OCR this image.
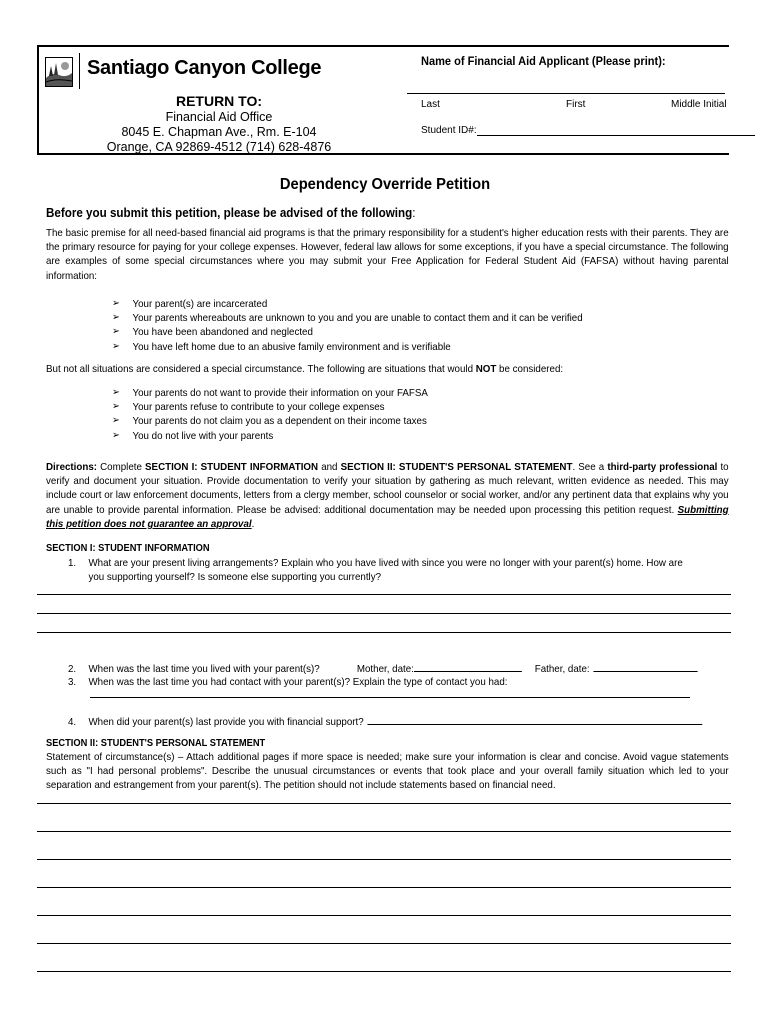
Santiago Canyon College
RETURN TO:
Financial Aid Office
8045 E. Chapman Ave., Rm. E-104
Orange, CA 92869-4512 (714) 628-4876
Name of Financial Aid Applicant (Please print):
Last	First	Middle Initial
Student ID#:
Dependency Override Petition
Before you submit this petition, please be advised of the following:
The basic premise for all need-based financial aid programs is that the primary responsibility for a student's higher education rests with their parents. They are the primary resource for paying for your college expenses. However, federal law allows for some exceptions, if you have a special circumstance. The following are examples of some special circumstances where you may submit your Free Application for Federal Student Aid (FAFSA) without having parental information:
➢ Your parent(s) are incarcerated
➢ Your parents whereabouts are unknown to you and you are unable to contact them and it can be verified
➢ You have been abandoned and neglected
➢ You have left home due to an abusive family environment and is verifiable
But not all situations are considered a special circumstance. The following are situations that would NOT be considered:
➢ Your parents do not want to provide their information on your FAFSA
➢ Your parents refuse to contribute to your college expenses
➢ Your parents do not claim you as a dependent on their income taxes
➢ You do not live with your parents
Directions: Complete SECTION I: STUDENT INFORMATION and SECTION II: STUDENT'S PERSONAL STATEMENT. See a third-party professional to verify and document your situation. Provide documentation to verify your situation by gathering as much relevant, written evidence as needed. This may include court or law enforcement documents, letters from a clergy member, school counselor or social worker, and/or any pertinent data that explains why you are unable to provide parental information. Please be advised: additional documentation may be needed upon processing this petition request. Submitting this petition does not guarantee an approval.
SECTION I: STUDENT INFORMATION
1.	What are your present living arrangements? Explain who you have lived with since you were no longer with your parent(s) home. How are you supporting yourself? Is someone else supporting you currently?
2. When was the last time you lived with your parent(s)?	Mother, date:	Father, date:
3. When was the last time you had contact with your parent(s)? Explain the type of contact you had:
4. When did your parent(s) last provide you with financial support?
SECTION II: STUDENT'S PERSONAL STATEMENT
Statement of circumstance(s) – Attach additional pages if more space is needed; make sure your information is clear and concise. Avoid vague statements such as "I had personal problems". Describe the unusual circumstances or events that took place and your overall family situation which led to your separation and estrangement from your parent(s). The petition should not include statements based on financial need.
